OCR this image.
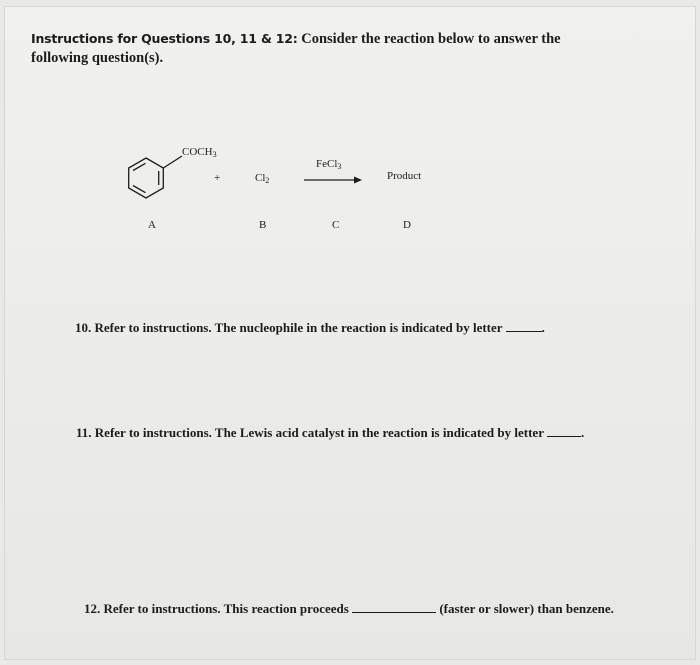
Instructions for Questions 10, 11 & 12: Consider the reaction below to answer the following question(s).
$COCH_3$
+	$Cl_2$
FeCl$_3$
→ Product
A	B	C	D
10. Refer to instructions. The nucleophile in the reaction is indicated by letter	.
11. Refer to instructions. The Lewis acid catalyst in the reaction is indicated by letter	.
12. Refer to instructions. This reaction proceeds	(faster or slower) than benzene.
